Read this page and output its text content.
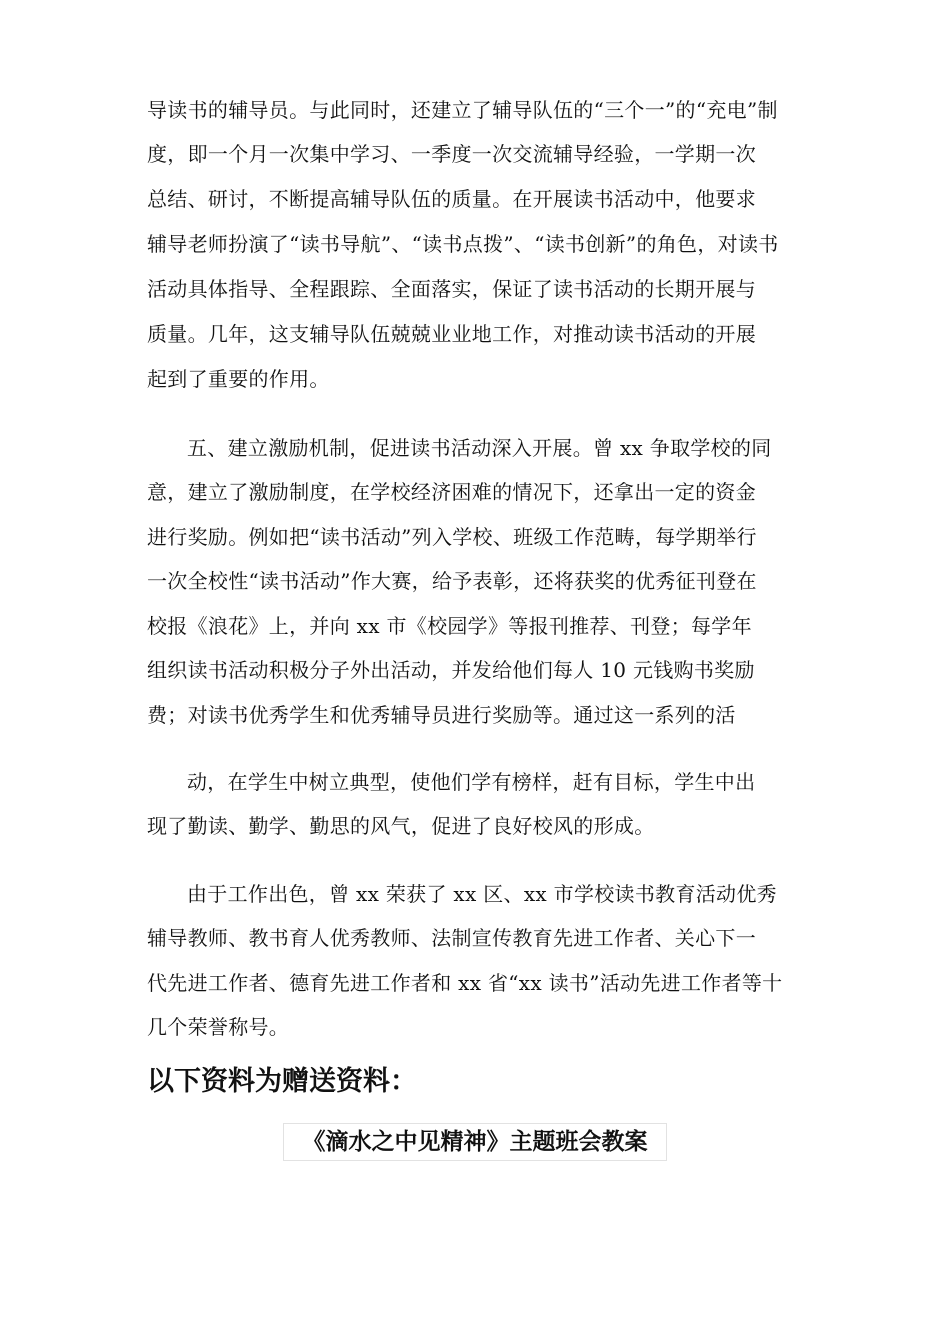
导读书的辅导员。与此同时，还建立了辅导队伍的“三个一”的“充电”制
度，即一个月一次集中学习、一季度一次交流辅导经验，一学期一次
总结、研讨，不断提高辅导队伍的质量。在开展读书活动中，他要求
辅导老师扮演了“读书导航”、“读书点拨”、“读书创新”的角色，对读书
活动具体指导、全程跟踪、全面落实，保证了读书活动的长期开展与
质量。几年，这支辅导队伍兢兢业业地工作，对推动读书活动的开展
起到了重要的作用。
五、建立激励机制，促进读书活动深入开展。曾 xx 争取学校的同
意，建立了激励制度，在学校经济困难的情况下，还拿出一定的资金
进行奖励。例如把“读书活动”列入学校、班级工作范畴，每学期举行
一次全校性“读书活动”作大赛，给予表彰，还将获奖的优秀征刊登在
校报《浪花》上，并向 xx 市《校园学》等报刊推荐、刊登；每学年
组织读书活动积极分子外出活动，并发给他们每人 10 元钱购书奖励
费；对读书优秀学生和优秀辅导员进行奖励等。通过这一系列的活
动，在学生中树立典型，使他们学有榜样，赶有目标，学生中出
现了勤读、勤学、勤思的风气，促进了良好校风的形成。
由于工作出色，曾 xx 荣获了 xx 区、xx 市学校读书教育活动优秀
辅导教师、教书育人优秀教师、法制宣传教育先进工作者、关心下一
代先进工作者、德育先进工作者和 xx 省“xx 读书”活动先进工作者等十
几个荣誉称号。
以下资料为赠送资料：
《滴水之中见精神》主题班会教案
